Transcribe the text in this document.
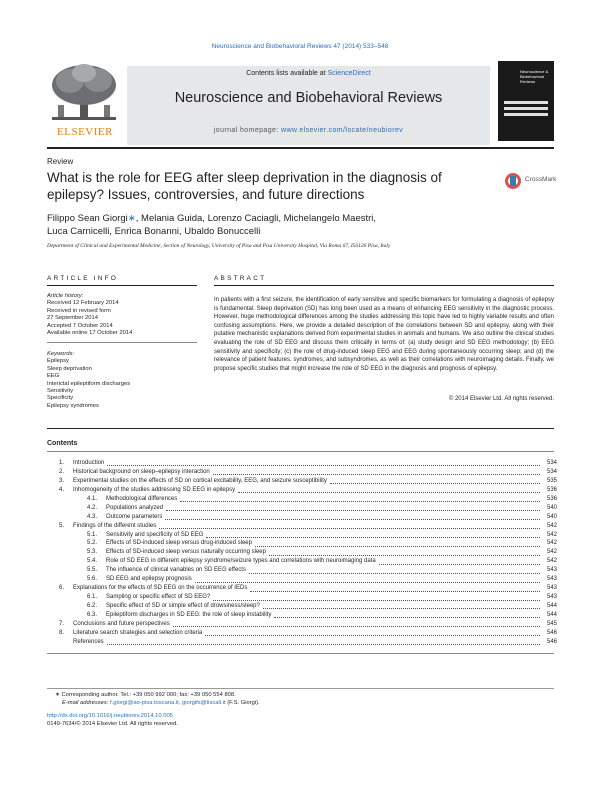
Neuroscience and Biobehavioral Reviews 47 (2014) 533–548
ELSEVIER
Contents lists available at ScienceDirect
Neuroscience and Biobehavioral Reviews
journal homepage: www.elsevier.com/locate/neubiorev
Neuroscience & Biobehavioral Reviews
Review
What is the role for EEG after sleep deprivation in the diagnosis of epilepsy? Issues, controversies, and future directions
CrossMark
Filippo Sean Giorgi∗, Melania Guida, Lorenzo Caciagli, Michelangelo Maestri,
Luca Carnicelli, Enrica Bonanni, Ubaldo Bonuccelli
Department of Clinical and Experimental Medicine, Section of Neurology, University of Pisa and Pisa University Hospital, Via Roma 67, I56126 Pisa, Italy
ARTICLE INFO	ABSTRACT
Article history:
Received 12 February 2014
Received in revised form
27 September 2014
Accepted 7 October 2014
Available online 17 October 2014
Keywords:
Epilepsy
Sleep deprivation
EEG
Interictal epileptiform discharges
Sensitivity
Specificity
Epilepsy syndromes
In patients with a first seizure, the identification of early sensitive and specific biomarkers for formulating a diagnosis of epilepsy is fundamental. Sleep deprivation (SD) has long been used as a means of enhancing EEG sensitivity in the diagnostic process. However, huge methodological differences among the studies addressing this topic have led to highly variable results and often confusing assumptions. Here, we provide a detailed description of the correlations between SD and epilepsy, along with their putative mechanistic explanations derived from experimental studies in animals and humans. We also outline the clinical studies evaluating the role of SD EEG and discuss them critically in terms of: (a) study design and SD EEG methodology; (b) EEG sensitivity and specificity; (c) the role of drug-induced sleep EEG and EEG during spontaneously occurring sleep; and (d) the relevance of patient features, syndromes, and subsyndromes, as well as their correlations with neuroimaging details. Finally, we propose specific studies that might increase the role of SD EEG in the diagnosis and prognosis of epilepsy.
© 2014 Elsevier Ltd. All rights reserved.
Contents
1.	Introduction	534
2.	Historical background on sleep–epilepsy interaction	534
3.	Experimental studies on the effects of SD on cortical excitability, EEG, and seizure susceptibility	535
4.	Inhomogeneity of the studies addressing SD EEG in epilepsy	536
4.1.	Methodological differences	536
4.2.	Populations analyzed	540
4.3.	Outcome parameters	540
5.	Findings of the different studies	542
5.1.	Sensitivity and specificity of SD EEG	542
5.2.	Effects of SD-induced sleep versus drug-induced sleep	542
5.3.	Effects of SD-induced sleep versus naturally occurring sleep	542
5.4.	Role of SD EEG in different epilepsy syndrome/seizure types and correlations with neuroimaging data	542
5.5.	The influence of clinical variables on SD EEG effects	543
5.6.	SD EEG and epilepsy prognosis	543
6.	Explanations for the effects of SD EEG on the occurrence of IEDs	543
6.1.	Sampling or specific effect of SD EEG?	543
6.2.	Specific effect of SD or simple effect of drowsiness/sleep?	544
6.3.	Epileptiform discharges in SD EEG: the role of sleep instability	544
7.	Conclusions and future perspectives	545
8.	Literature search strategies and selection criteria	546
References	546
∗ Corresponding author. Tel.: +39 050 992 000; fax: +39 050 554 808.
E-mail addresses: f.giorgi@ao-pisa.toscana.it, giorgifs@tiscali.it (F.S. Giorgi).
http://dx.doi.org/10.1016/j.neubiorev.2014.10.005
0149-7634/© 2014 Elsevier Ltd. All rights reserved.
